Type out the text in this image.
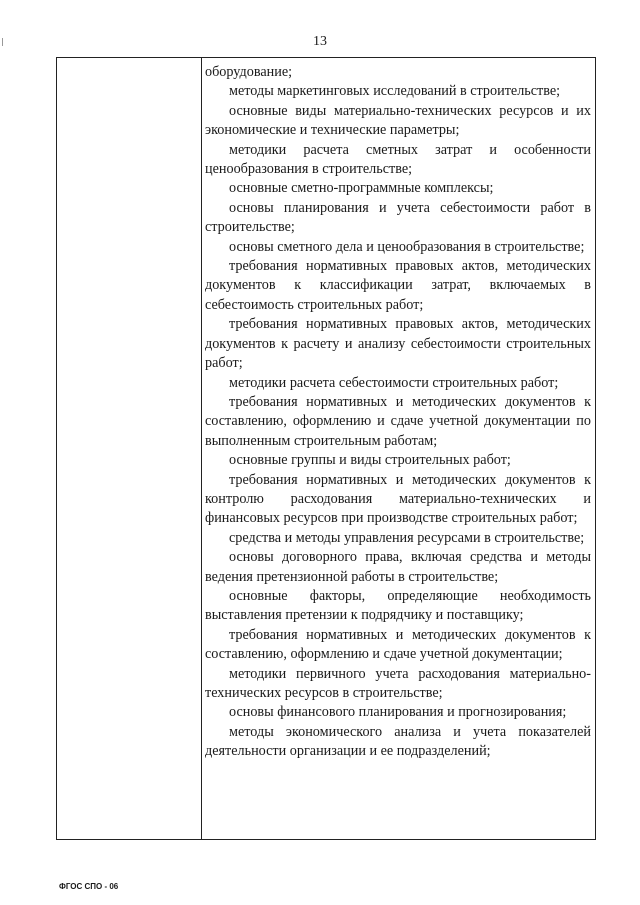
13

оборудование;

методы маркетинговых исследований в строительстве;

основные виды материально-технических ресурсов и их экономические и технические параметры;

методики расчета сметных затрат и особенности ценообразования в строительстве;

основные сметно-программные комплексы;

основы планирования и учета себестоимости работ в строительстве;

основы сметного дела и ценообразования в строительстве;

требования нормативных правовых актов, методических документов к классификации затрат, включаемых в себестоимость строительных работ;

требования нормативных правовых актов, методических документов к расчету и анализу себестоимости строительных работ;

методики расчета себестоимости строительных работ;

требования нормативных и методических документов к составлению, оформлению и сдаче учетной документации по выполненным строительным работам;

основные группы и виды строительных работ;

требования нормативных и методических документов к контролю расходования материально-технических и финансовых ресурсов при производстве строительных работ;

средства и методы управления ресурсами в строительстве;

основы договорного права, включая средства и методы ведения претензионной работы в строительстве;

основные факторы, определяющие необходимость выставления претензии к подрядчику и поставщику;

требования нормативных и методических документов к составлению, оформлению и сдаче учетной документации;

методики первичного учета расходования материально-технических ресурсов в строительстве;

основы финансового планирования и прогнозирования;

методы экономического анализа и учета показателей деятельности организации и ее подразделений;

ФГОС СПО - 06
